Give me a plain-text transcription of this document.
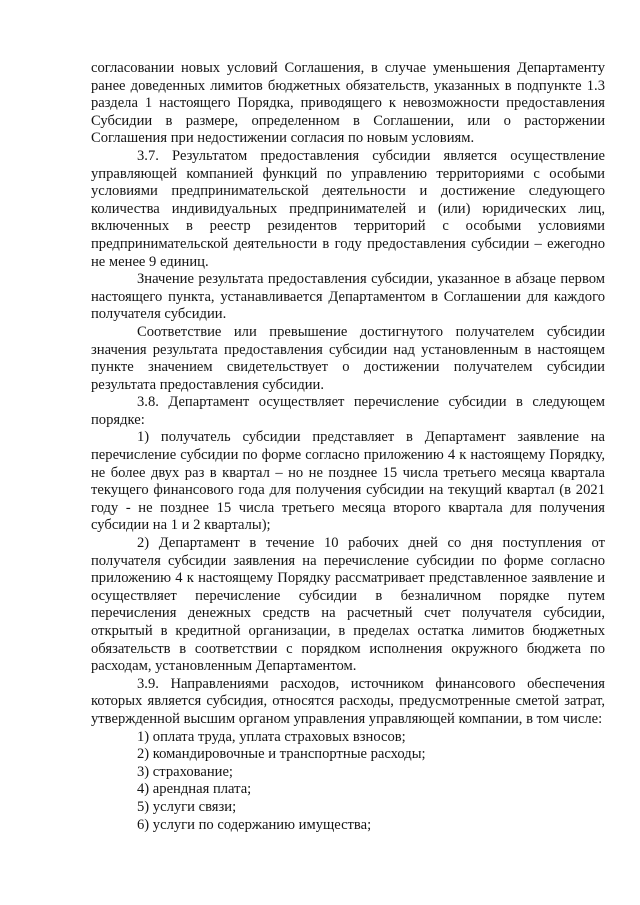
согласовании новых условий Соглашения, в случае уменьшения Департаменту ранее доведенных лимитов бюджетных обязательств, указанных в подпункте 1.3 раздела 1 настоящего Порядка, приводящего к невозможности предоставления Субсидии в размере, определенном в Соглашении, или о расторжении Соглашения при недостижении согласия по новым условиям.

3.7. Результатом предоставления субсидии является осуществление управляющей компанией функций по управлению территориями с особыми условиями предпринимательской деятельности и достижение следующего количества индивидуальных предпринимателей и (или) юридических лиц, включенных в реестр резидентов территорий с особыми условиями предпринимательской деятельности в году предоставления субсидии – ежегодно не менее 9 единиц.

Значение результата предоставления субсидии, указанное в абзаце первом настоящего пункта, устанавливается Департаментом в Соглашении для каждого получателя субсидии.

Соответствие или превышение достигнутого получателем субсидии значения результата предоставления субсидии над установленным в настоящем пункте значением свидетельствует о достижении получателем субсидии результата предоставления субсидии.

3.8. Департамент осуществляет перечисление субсидии в следующем порядке:

1) получатель субсидии представляет в Департамент заявление на перечисление субсидии по форме согласно приложению 4 к настоящему Порядку, не более двух раз в квартал – но не позднее 15 числа третьего месяца квартала текущего финансового года для получения субсидии на текущий квартал (в 2021 году - не позднее 15 числа третьего месяца второго квартала для получения субсидии на 1 и 2 кварталы);

2) Департамент в течение 10 рабочих дней со дня поступления от получателя субсидии заявления на перечисление субсидии по форме согласно приложению 4 к настоящему Порядку рассматривает представленное заявление и осуществляет перечисление субсидии в безналичном порядке путем перечисления денежных средств на расчетный счет получателя субсидии, открытый в кредитной организации, в пределах остатка лимитов бюджетных обязательств в соответствии с порядком исполнения окружного бюджета по расходам, установленным Департаментом.

3.9. Направлениями расходов, источником финансового обеспечения которых является субсидия, относятся расходы, предусмотренные сметой затрат, утвержденной высшим органом управления управляющей компании, в том числе:

1) оплата труда, уплата страховых взносов;

2) командировочные и транспортные расходы;

3) страхование;

4) арендная плата;

5) услуги связи;

6) услуги по содержанию имущества;
